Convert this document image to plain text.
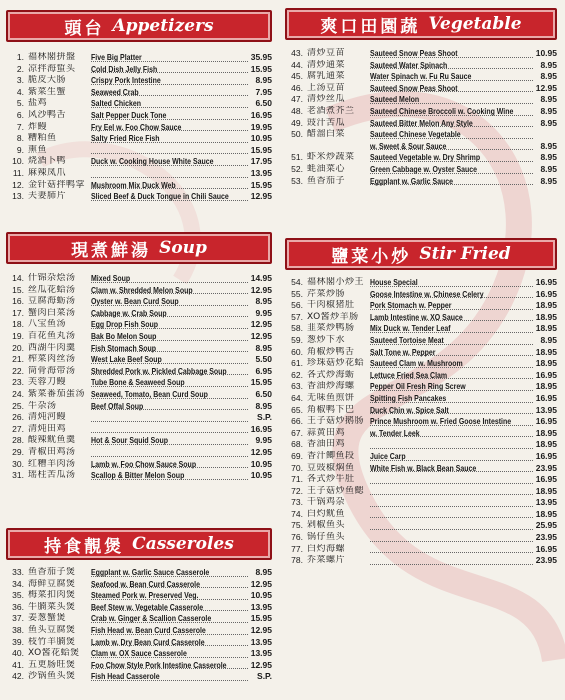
頭台 Appetizers
1. 福林閣拼盤	Five Big Platter	35.95
2. 凉拌海蜇头	Cold Dish Jelly Fish	15.95
3. 脆皮大肠	Crispy Pork Intestine	8.95
4. 紫菜生蟹	Seaweed Crab	7.95
5. 盐鸡	Salted Chicken	6.50
6. 风沙鸭舌	Salt Pepper Duck Tone	16.95
7. 炸鳗	Fry Eel w. Foo Chow Sauce	19.95
8. 糟粕鱼	Salty Fried Rice Fish	10.95
9. 熏鱼	15.95
10. 烧酒卜鸭	Duck w. Cooking House White Sauce	17.95
11. 麻辣凤爪	13.95
12. 金针菇拌鸭掌 Mushroom Mix Duck Web	15.95
13. 夫妻肺片	Sliced Beef & Duck Tongue in Chili Sauce	12.95
現煮鮮湯 Soup
14. 什锦杂烩汤	Mixed Soup	14.95
15. 丝瓜花蛤汤	Clam w. Shredded Melon Soup	12.95
16. 豆腐海蛎汤	Oyster w. Bean Curd Soup	8.95
17. 蟹肉白菜汤	Cabbage w. Crab Soup	9.95
18. 八宝鱼汤	Egg Drop Fish Soup	12.95
19. 百花鱼丸汤	Bak Bo Melon Soup	12.95
20. 西湖牛肉羹	Fish Stomach Soup	8.95
21. 榨菜肉丝汤	West Lake Beef Soup	5.50
22. 筒骨海带汤	Shredded Pork w. Pickled Cabbage Soup	6.95
23. 芙蓉刀鳗	Tube Bone & Seaweed Soup	15.95
24. 紫菜番茄蛋汤 Seaweed, Tomato, Bean Curd Soup	6.50
25. 牛杂汤	Beef Offal Soup	8.95
26. 清炖河鳗	S.P.
27. 清炖田鸡	16.95
28. 酸辣鱿鱼羹	Hot & Sour Squid Soup	9.95
29. 青椒田鸡汤	12.95
30. 红糟羊肉汤	Lamb w. Foo Chow Sauce Soup	10.95
31. 瑶柱苦瓜汤	Scallop & Bitter Melon Soup	10.95
持食靚煲 Casseroles
33. 鱼香茄子煲	Eggplant w. Garlic Sauce Casserole	8.95
34. 海鲜豆腐煲	Seafood w. Bean Curd Casserole	12.95
35. 梅菜扣肉煲	Steamed Pork w. Preserved Veg.	10.95
36. 牛腩菜头煲	Beef Stew w. Vegetable Casserole	13.95
37. 姜葱蟹煲	Crab w. Ginger & Scallion Casserole	15.95
38. 鱼头豆腐煲	Fish Head w. Bean Curd Casserole	12.95
39. 枝竹羊腩煲	Lamb w. Dry Bean Curd Casserole	13.95
40. XO酱花蛤煲	Clam w. OX Sauce Casserole	13.95
41. 五更肠旺煲	Foo Chow Style Pork Intestine Casserole	12.95
42. 沙锅鱼头煲	Fish Head Casserole	S.P.
爽口田園蔬 Vegetable
43. 清炒豆苗	Sauteed Snow Peas Shoot	10.95
44. 清炒通菜	Sauteed Water Spinach	8.95
45. 腐乳通菜	Water Spinach w. Fu Ru Sauce	8.95
46. 上汤豆苗	Sauteed Snow Peas Shoot	12.95
47. 清炒丝瓜	Sauteed Melon	8.95
48. 老酒煮芥兰	Sauteed Chinese Broccoli w. Cooking Wine	8.95
49. 豉汁苦瓜	Sauteed Bitter Melon Any Style	8.95
50. 醋溜白菜	Sauteed Chinese Vegetable
w. Sweet & Sour Sauce	8.95
51. 虾米炒蔬菜	Sauteed Vegetable w. Dry Shrimp	8.95
52. 蚝油菜心	Green Cabbage w. Oyster Sauce	8.95
53. 鱼香茄子	Eggplant w. Garlic Sauce	8.95
鹽菜小炒 Stir Fried
54. 福林閣小炒王 House Special	16.95
55. 芹菜炒肠	Goose Intestine w. Chinese Celery	16.95
56. 干肉椒猪肚	Pork Stomach w. Pepper	18.95
57. XO酱炒羊肠	Lamb Intestine w. XO Sauce	18.95
58. 韭菜炒鸭肠	Mix Duck w. Tender Leaf	18.95
59. 葱炒下水	Sauteed Tortoise Meat	8.95
60. 角椒炒鸭舌	Salt Tone w. Pepper	18.95
61. 珍珠菇炒花蛤 Sauteed Clam w. Mushroom	18.95
62. 各式炒海蛎	Lettuce Fried Sea Clam	16.95
63. 香油炒海螺	Pepper Oil Fresh Ring Screw	18.95
64. 无味鱼煎饼	Spitting Fish Pancakes	16.95
65. 角椒鸭下巴	Duck Chin w. Spice Salt	13.95
66. 王子菇炒鹅肠 Prince Mushroom w. Fried Goose Intestine	16.95
67. 蒜黄田鸡	w. Tender Leek	18.95
68. 香油田鸡	18.95
69. 香汁鲫鱼段	Juice Carp	16.95
70. 豆豉椒焖鱼	White Fish w. Black Bean Sauce	23.95
71. 各式炒牛肚	16.95
72. 王子菇炒鱼鳃	18.95
73. 干锅鸡杂	13.95
74. 白灼鱿鱼	18.95
75. 剁椒鱼头	25.95
76. 锅仔鱼头	23.95
77. 白灼海螺	16.95
78. 乔菜螺片	23.95
